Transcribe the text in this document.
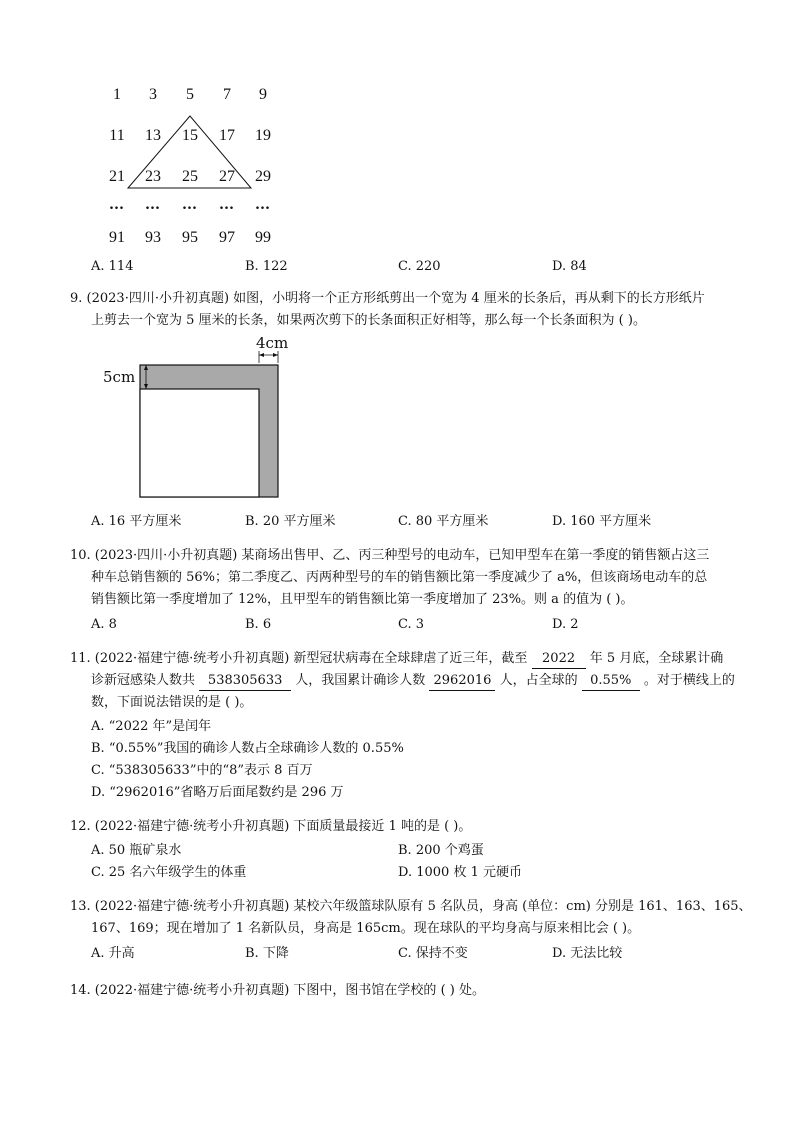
1	3	5	7	9
11	13	15	17	19
21	23	25	27	29
...	...	...	...	...
91	93	95	97	99
A. 114	B. 122	C. 220	D. 84
9. (2023·四川·小升初真题) 如图，小明将一个正方形纸剪出一个宽为 4 厘米的长条后，再从剩下的长方形纸片
上剪去一个宽为 5 厘米的长条，如果两次剪下的长条面积正好相等，那么每一个长条面积为 ( )。
4cm
5cm
A. 16 平方厘米	B. 20 平方厘米	C. 80 平方厘米	D. 160 平方厘米
10. (2023·四川·小升初真题) 某商场出售甲、乙、丙三种型号的电动车，已知甲型车在第一季度的销售额占这三
种车总销售额的 56%；第二季度乙、丙两种型号的车的销售额比第一季度减少了 a%，但该商场电动车的总
销售额比第一季度增加了 12%，且甲型车的销售额比第一季度增加了 23%。则 a 的值为 ( )。
A. 8	B. 6	C. 3	D. 2
11. (2022·福建宁德·统考小升初真题) 新型冠状病毒在全球肆虐了近三年，截至 2022 年 5 月底，全球累计确
诊新冠感染人数共 538305633 人，我国累计确诊人数 2962016 人，占全球的 0.55% 。对于横线上的
数，下面说法错误的是 ( )。
A. “2022 年”是闰年
B. “0.55%”我国的确诊人数占全球确诊人数的 0.55%
C. “538305633”中的“8”表示 8 百万
D. “2962016”省略万后面尾数约是 296 万
12. (2022·福建宁德·统考小升初真题) 下面质量最接近 1 吨的是 ( )。
A. 50 瓶矿泉水	B. 200 个鸡蛋
C. 25 名六年级学生的体重	D. 1000 枚 1 元硬币
13. (2022·福建宁德·统考小升初真题) 某校六年级篮球队原有 5 名队员，身高 (单位：cm) 分别是 161、163、165、
167、169；现在增加了 1 名新队员，身高是 165cm。现在球队的平均身高与原来相比会 ( )。
A. 升高	B. 下降	C. 保持不变	D. 无法比较
14. (2022·福建宁德·统考小升初真题) 下图中，图书馆在学校的 ( ) 处。
